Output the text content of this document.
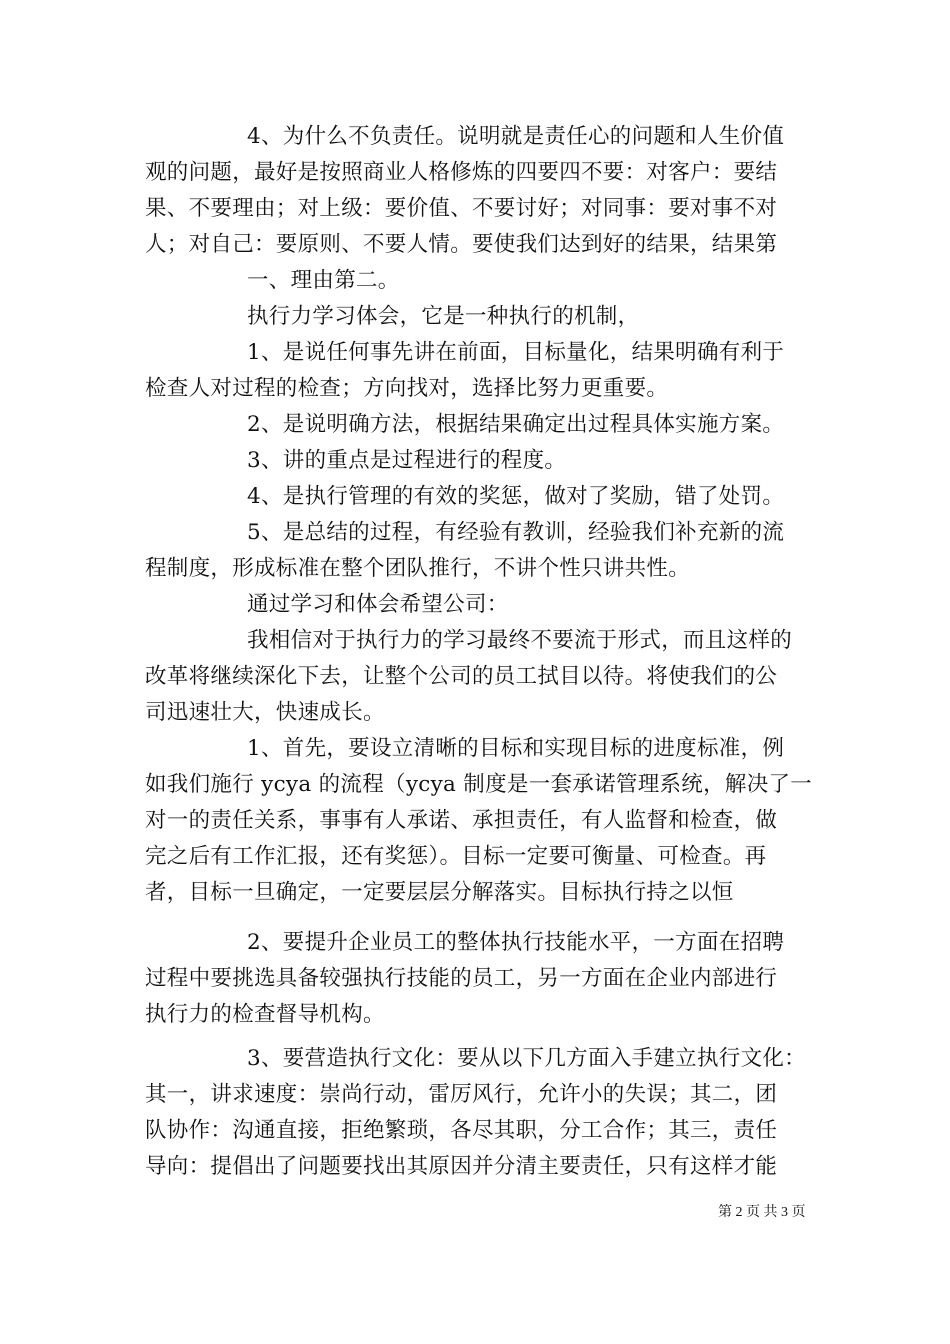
4、为什么不负责任。说明就是责任心的问题和人生价值
观的问题，最好是按照商业人格修炼的四要四不要：对客户：要结
果、不要理由；对上级：要价值、不要讨好；对同事：要对事不对
人；对自己：要原则、不要人情。要使我们达到好的结果，结果第
一、理由第二。
执行力学习体会，它是一种执行的机制，
1、是说任何事先讲在前面，目标量化，结果明确有利于
检查人对过程的检查；方向找对，选择比努力更重要。
2、是说明确方法，根据结果确定出过程具体实施方案。
3、讲的重点是过程进行的程度。
4、是执行管理的有效的奖惩，做对了奖励，错了处罚。
5、是总结的过程，有经验有教训，经验我们补充新的流
程制度，形成标准在整个团队推行，不讲个性只讲共性。
通过学习和体会希望公司：
我相信对于执行力的学习最终不要流于形式，而且这样的
改革将继续深化下去，让整个公司的员工拭目以待。将使我们的公
司迅速壮大，快速成长。
1、首先，要设立清晰的目标和实现目标的进度标准，例
如我们施行 ycya 的流程（ycya 制度是一套承诺管理系统，解决了一
对一的责任关系，事事有人承诺、承担责任，有人监督和检查，做
完之后有工作汇报，还有奖惩）。目标一定要可衡量、可检查。再
者，目标一旦确定，一定要层层分解落实。目标执行持之以恒
2、要提升企业员工的整体执行技能水平，一方面在招聘
过程中要挑选具备较强执行技能的员工，另一方面在企业内部进行
执行力的检查督导机构。
3、要营造执行文化：要从以下几方面入手建立执行文化：
其一，讲求速度：崇尚行动，雷厉风行，允许小的失误；其二，团
队协作：沟通直接，拒绝繁琐，各尽其职，分工合作；其三，责任
导向：提倡出了问题要找出其原因并分清主要责任，只有这样才能
第 2 页 共 3 页
